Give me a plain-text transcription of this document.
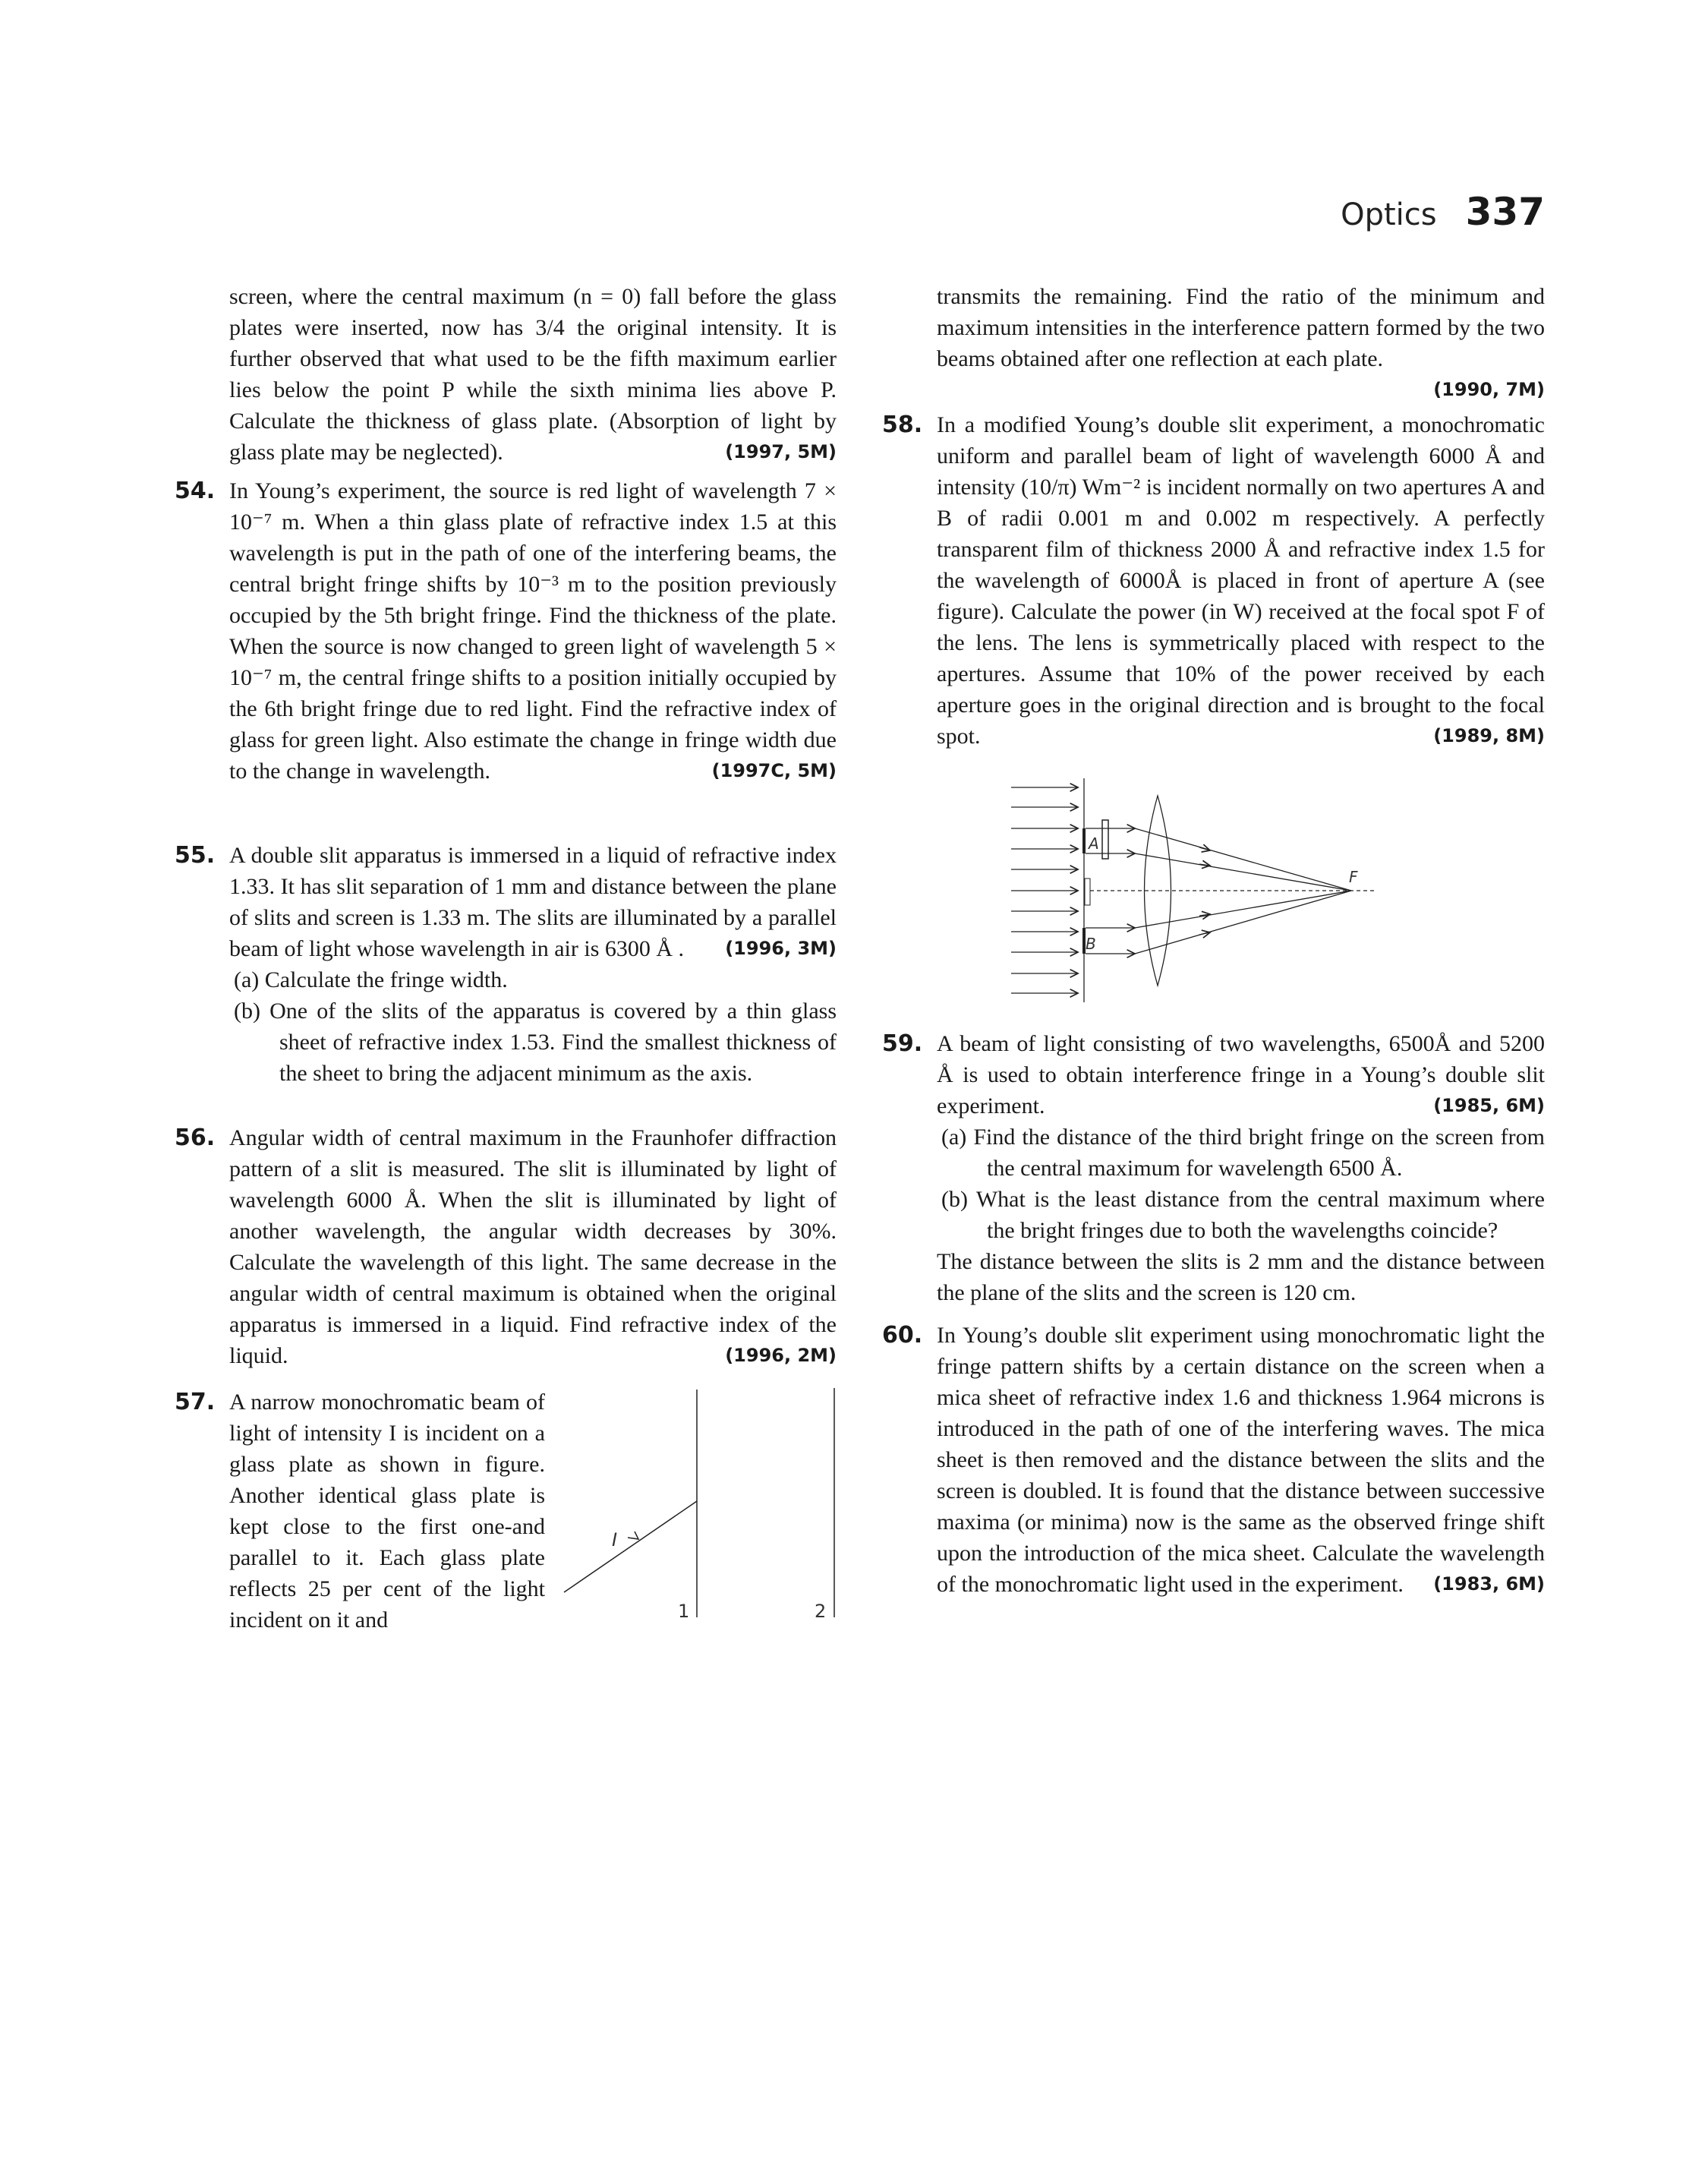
Optics 337
screen, where the central maximum (n = 0) fall before the glass plates were inserted, now has 3/4 the original intensity. It is further observed that what used to be the fifth maximum earlier lies below the point P while the sixth minima lies above P. Calculate the thickness of glass plate. (Absorption of light by glass plate may be neglected).	(1997, 5M)
54. In Young’s experiment, the source is red light of wavelength 7 × 10⁻⁷ m. When a thin glass plate of refractive index 1.5 at this wavelength is put in the path of one of the interfering beams, the central bright fringe shifts by 10⁻³ m to the position previously occupied by the 5th bright fringe. Find the thickness of the plate. When the source is now changed to green light of wavelength 5 × 10⁻⁷ m, the central fringe shifts to a position initially occupied by the 6th bright fringe due to red light. Find the refractive index of glass for green light. Also estimate the change in fringe width due to the change in wavelength.	(1997C, 5M)
55. A double slit apparatus is immersed in a liquid of refractive index 1.33. It has slit separation of 1 mm and distance between the plane of slits and screen is 1.33 m. The slits are illuminated by a parallel beam of light whose wavelength in air is 6300 Å .	(1996, 3M)
(a) Calculate the fringe width.
(b) One of the slits of the apparatus is covered by a thin glass sheet of refractive index 1.53. Find the smallest thickness of the sheet to bring the adjacent minimum as the axis.
56. Angular width of central maximum in the Fraunhofer diffraction pattern of a slit is measured. The slit is illuminated by light of wavelength 6000 Å. When the slit is illuminated by light of another wavelength, the angular width decreases by 30%. Calculate the wavelength of this light. The same decrease in the angular width of central maximum is obtained when the original apparatus is immersed in a liquid. Find refractive index of the liquid.	(1996, 2M)
57. A narrow monochromatic beam of light of intensity I is incident on a glass plate as shown in figure. Another identical glass plate is kept close to the first one-and parallel to it. Each glass plate reflects 25 per cent of the light incident on it and
I
1	2
transmits the remaining. Find the ratio of the minimum and maximum intensities in the interference pattern formed by the two beams obtained after one reflection at each plate.
(1990, 7M)
58. In a modified Young’s double slit experiment, a monochromatic uniform and parallel beam of light of wavelength 6000 Å and intensity (10/π) Wm⁻² is incident normally on two apertures A and B of radii 0.001 m and 0.002 m respectively. A perfectly transparent film of thickness 2000 Å and refractive index 1.5 for the wavelength of 6000Å is placed in front of aperture A (see figure). Calculate the power (in W) received at the focal spot F of the lens. The lens is symmetrically placed with respect to the apertures. Assume that 10% of the power received by each aperture goes in the original direction and is brought to the focal spot.	(1989, 8M)
A
B
F
59. A beam of light consisting of two wavelengths, 6500Å and 5200 Å is used to obtain interference fringe in a Young’s double slit experiment.	(1985, 6M)
(a) Find the distance of the third bright fringe on the screen from the central maximum for wavelength 6500 Å.
(b) What is the least distance from the central maximum where the bright fringes due to both the wavelengths coincide?
The distance between the slits is 2 mm and the distance between the plane of the slits and the screen is 120 cm.
60. In Young’s double slit experiment using monochromatic light the fringe pattern shifts by a certain distance on the screen when a mica sheet of refractive index 1.6 and thickness 1.964 microns is introduced in the path of one of the interfering waves. The mica sheet is then removed and the distance between the slits and the screen is doubled. It is found that the distance between successive maxima (or minima) now is the same as the observed fringe shift upon the introduction of the mica sheet. Calculate the wavelength of the monochromatic light used in the experiment.	(1983, 6M)
